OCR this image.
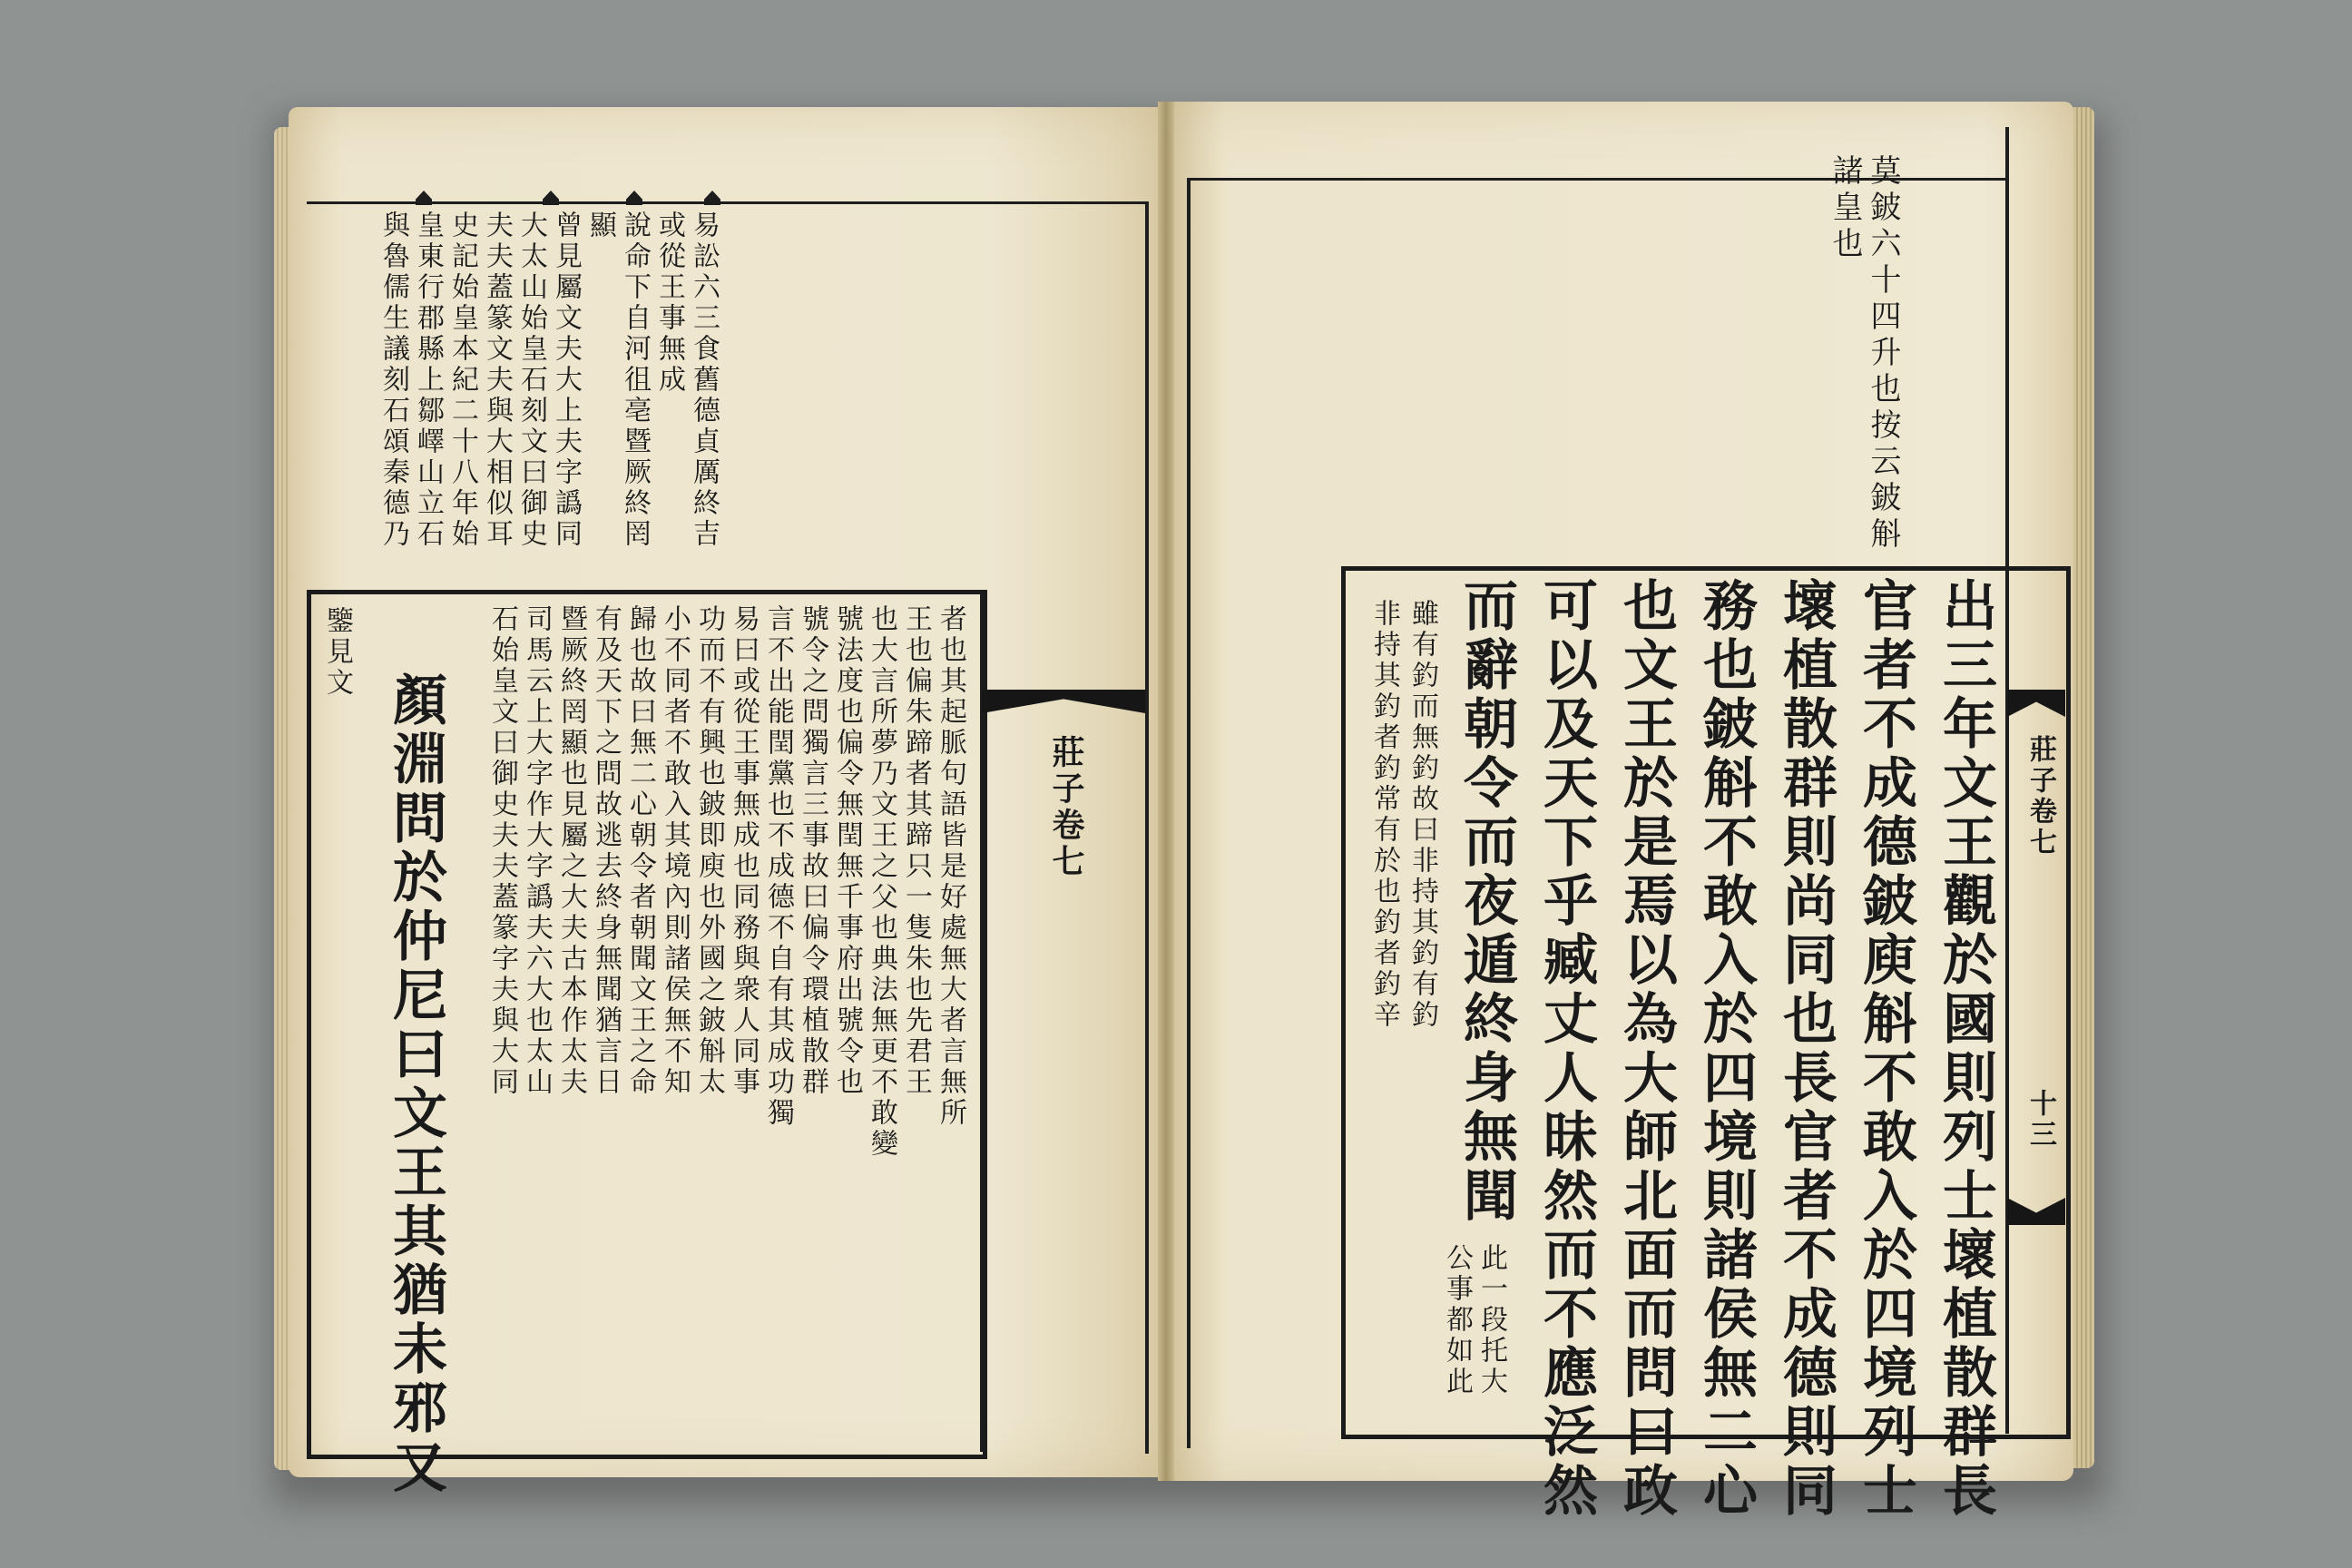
易訟六三食舊德貞厲終吉
或從王事無成
說命下自河徂亳暨厥終罔
顯
曾見屬文夫大上夫字譌同
大太山始皇石刻文曰御史
夫夫蓋篆文夫與大相似耳
史記始皇本紀二十八年始
皇東行郡縣上鄒嶧山立石
與魯儒生議刻石頌秦德乃
者也其起脈句語皆是好處無大者言無所
王也偏朱蹄者其蹄只一隻朱也先君王
也大言所夢乃文王之父也典法無更不敢變
號法度也偏令無閏無千事府出號令也
號令之問獨言三事故曰偏令環植散群
言不出能閏黨也不成德不自有其成功獨
易曰或從王事無成也同務與衆人同事
功而不有興也鈹即庾也外國之鈹斛太
小不同者不敢入其境內則諸侯無不知
歸也故曰無二心朝令者朝聞文王之命
有及天下之問故逃去終身無聞猶言日
暨厥終罔顯也見屬之大夫古本作太夫
司馬云上大字作大字譌夫六大也太山
石始皇文曰御史夫夫蓋篆字夫與大同
顏淵問於仲尼曰文王其猶未邪又
鑒見文
莊子卷七
莫鈹六十四升也按云鈹斛
諸皇也
出三年文王觀於國則列士壞植散群長
官者不成德鈹庾斛不敢入於四境列士
壞植散群則尚同也長官者不成德則同
務也鈹斛不敢入於四境則諸侯無二心
也文王於是焉以為大師北面而問曰政
可以及天下乎臧丈人昧然而不應泛然
而辭朝令而夜遁終身無聞
此一段托大
雖有釣而無釣故曰非持其釣有釣
非持其釣者釣常有於也釣者釣辛
公事都如此
莊子卷七
十三
